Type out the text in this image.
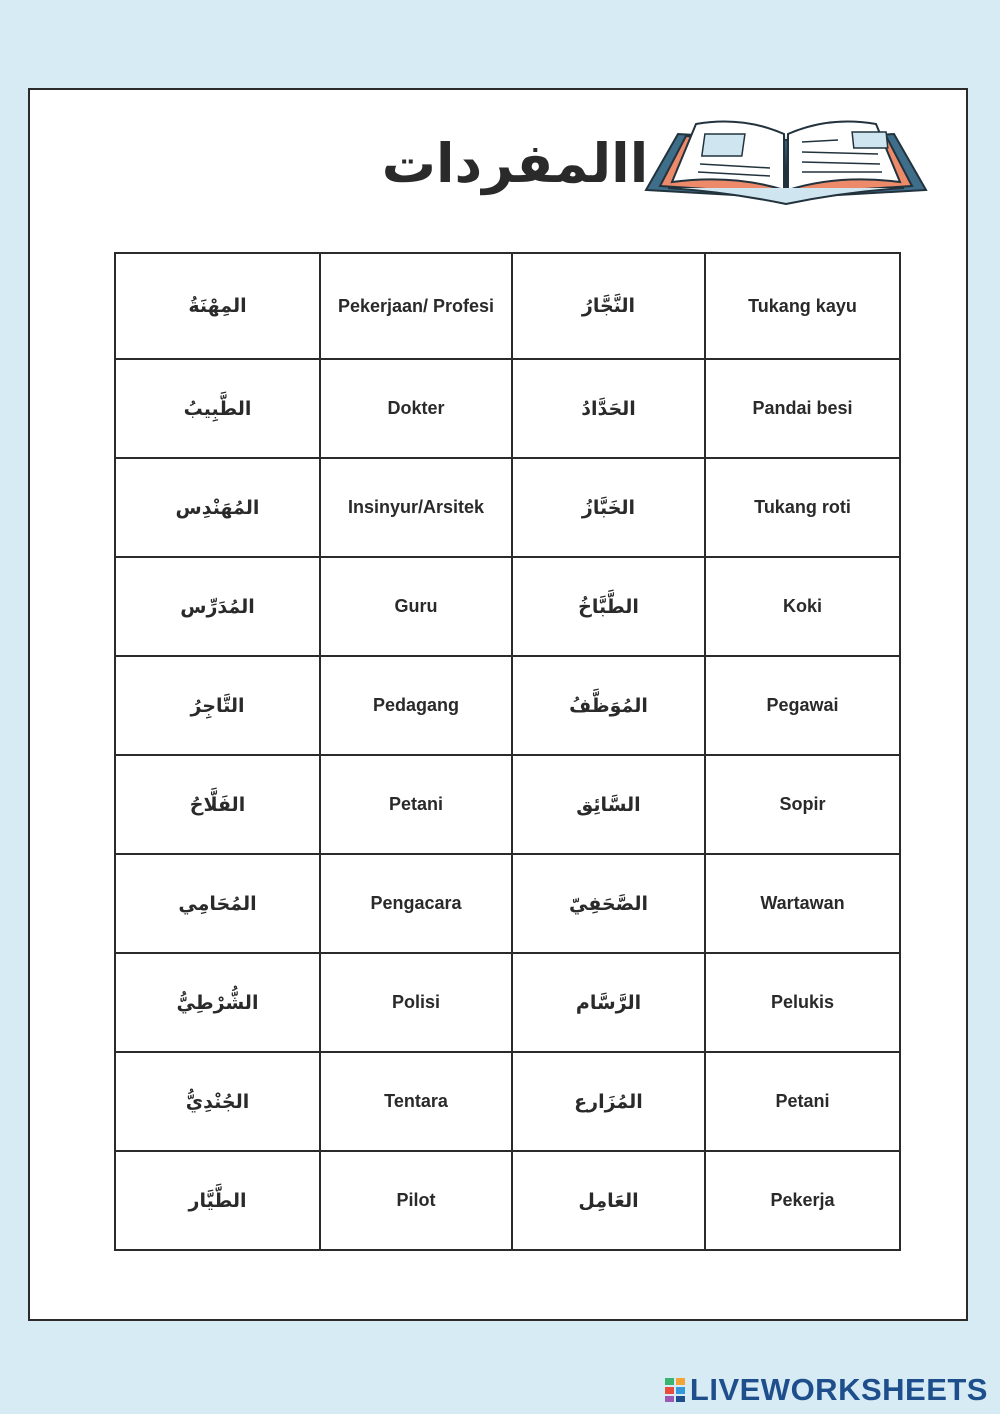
االمفردات
المِهْنَةُ	Pekerjaan/ Profesi	النَّجَّارُ	Tukang kayu
الطَّبِيبُ	Dokter	الحَدَّادُ	Pandai besi
المُهَنْدِس	Insinyur/Arsitek	الخَبَّازُ	Tukang roti
المُدَرِّس	Guru	الطَّبَّاخُ	Koki
التَّاجِرُ	Pedagang	المُوَظَّفُ	Pegawai
الفَلَّاحُ	Petani	السَّائِق	Sopir
المُحَامِي	Pengacara	الصَّحَفِيّ	Wartawan
الشُّرْطِيُّ	Polisi	الرَّسَّام	Pelukis
الجُنْدِيُّ	Tentara	المُزَارع	Petani
الطَّيَّار	Pilot	العَامِل	Pekerja
LIVEWORKSHEETS
